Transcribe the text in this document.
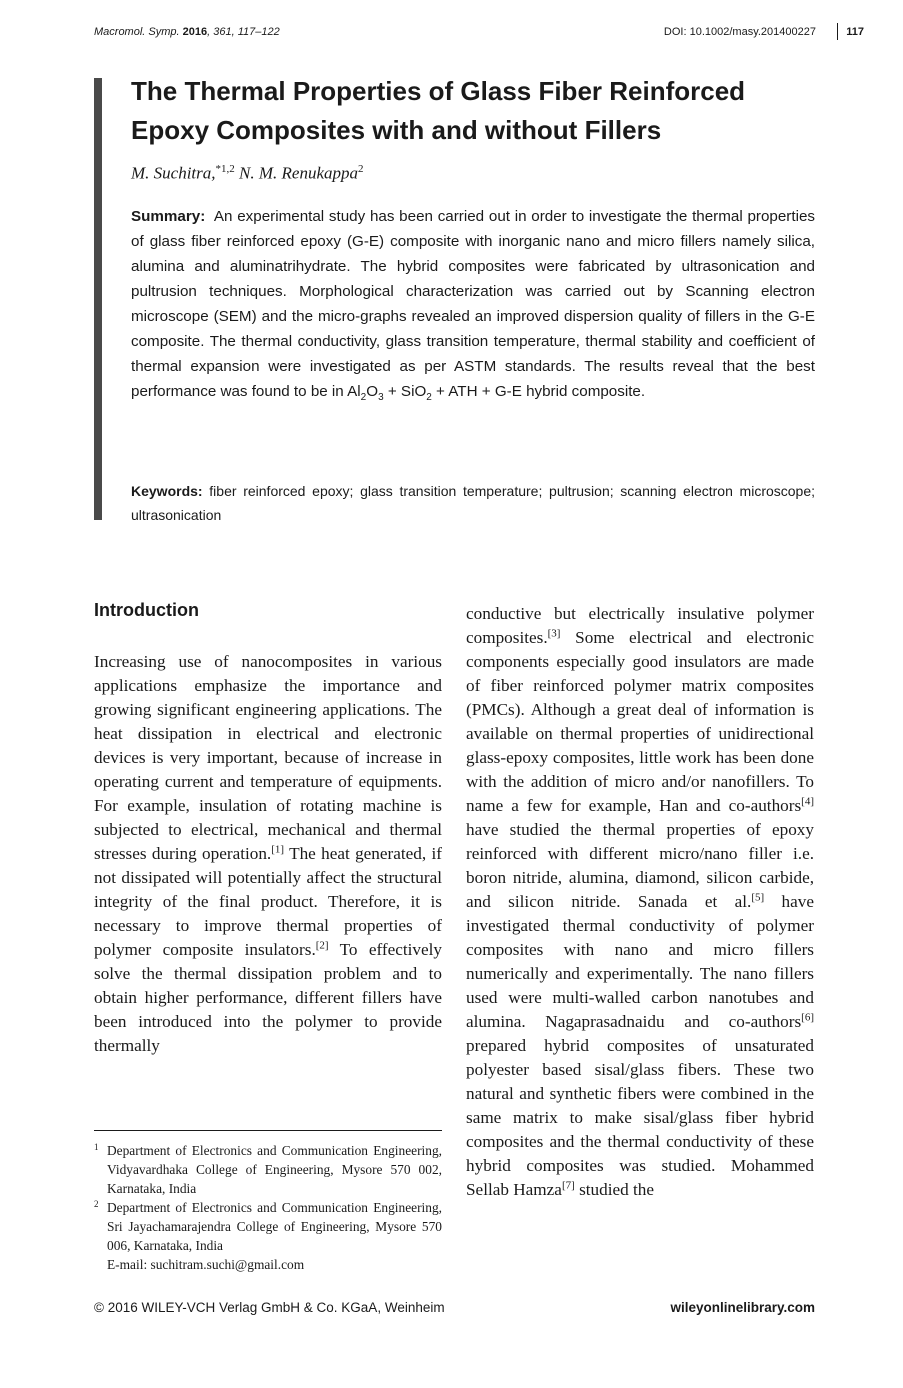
Macromol. Symp. 2016, 361, 117–122	DOI: 10.1002/masy.201400227	117
The Thermal Properties of Glass Fiber Reinforced Epoxy Composites with and without Fillers
M. Suchitra,$^{*1,2}$ N. M. Renukappa$^2$

Summary: An experimental study has been carried out in order to investigate the thermal properties of glass fiber reinforced epoxy (G-E) composite with inorganic nano and micro fillers namely silica, alumina and aluminatrihydrate. The hybrid composites were fabricated by ultrasonication and pultrusion techniques. Morphological characterization was carried out by Scanning electron microscope (SEM) and the micro-graphs revealed an improved dispersion quality of fillers in the G-E composite. The thermal conductivity, glass transition temperature, thermal stability and coefficient of thermal expansion were investigated as per ASTM standards. The results reveal that the best performance was found to be in $Al_2O_3 + SiO_2$ + ATH + G-E hybrid composite.

Keywords: fiber reinforced epoxy; glass transition temperature; pultrusion; scanning electron microscope; ultrasonication

Introduction

Increasing use of nanocomposites in various applications emphasize the importance and growing significant engineering applications. The heat dissipation in electrical and electronic devices is very important, because of increase in operating current and temperature of equipments. For example, insulation of rotating machine is subjected to electrical, mechanical and thermal stresses during operation.[1] The heat generated, if not dissipated will potentially affect the structural integrity of the final product. Therefore, it is necessary to improve thermal properties of polymer composite insulators.[2] To effectively solve the thermal dissipation problem and to obtain higher performance, different fillers have been introduced into the polymer to provide thermally

conductive but electrically insulative polymer composites.[3] Some electrical and electronic components especially good insulators are made of fiber reinforced polymer matrix composites (PMCs). Although a great deal of information is available on thermal properties of unidirectional glass-epoxy composites, little work has been done with the addition of micro and/or nanofillers. To name a few for example, Han and co-authors[4] have studied the thermal properties of epoxy reinforced with different micro/nano filler i.e. boron nitride, alumina, diamond, silicon carbide, and silicon nitride. Sanada et al.[5] have investigated thermal conductivity of polymer composites with nano and micro fillers numerically and experimentally. The nano fillers used were multi-walled carbon nanotubes and alumina. Nagaprasadnaidu and co-authors[6] prepared hybrid composites of unsaturated polyester based sisal/glass fibers. These two natural and synthetic fibers were combined in the same matrix to make sisal/glass fiber hybrid composites and the thermal conductivity of these hybrid composites was studied. Mohammed Sellab Hamza[7] studied the

1 Department of Electronics and Communication Engineering, Vidyavardhaka College of Engineering, Mysore 570 002, Karnataka, India
2 Department of Electronics and Communication Engineering, Sri Jayachamarajendra College of Engineering, Mysore 570 006, Karnataka, India
E-mail: suchitram.suchi@gmail.com
© 2016 WILEY-VCH Verlag GmbH & Co. KGaA, Weinheim	wileyonlinelibrary.com
